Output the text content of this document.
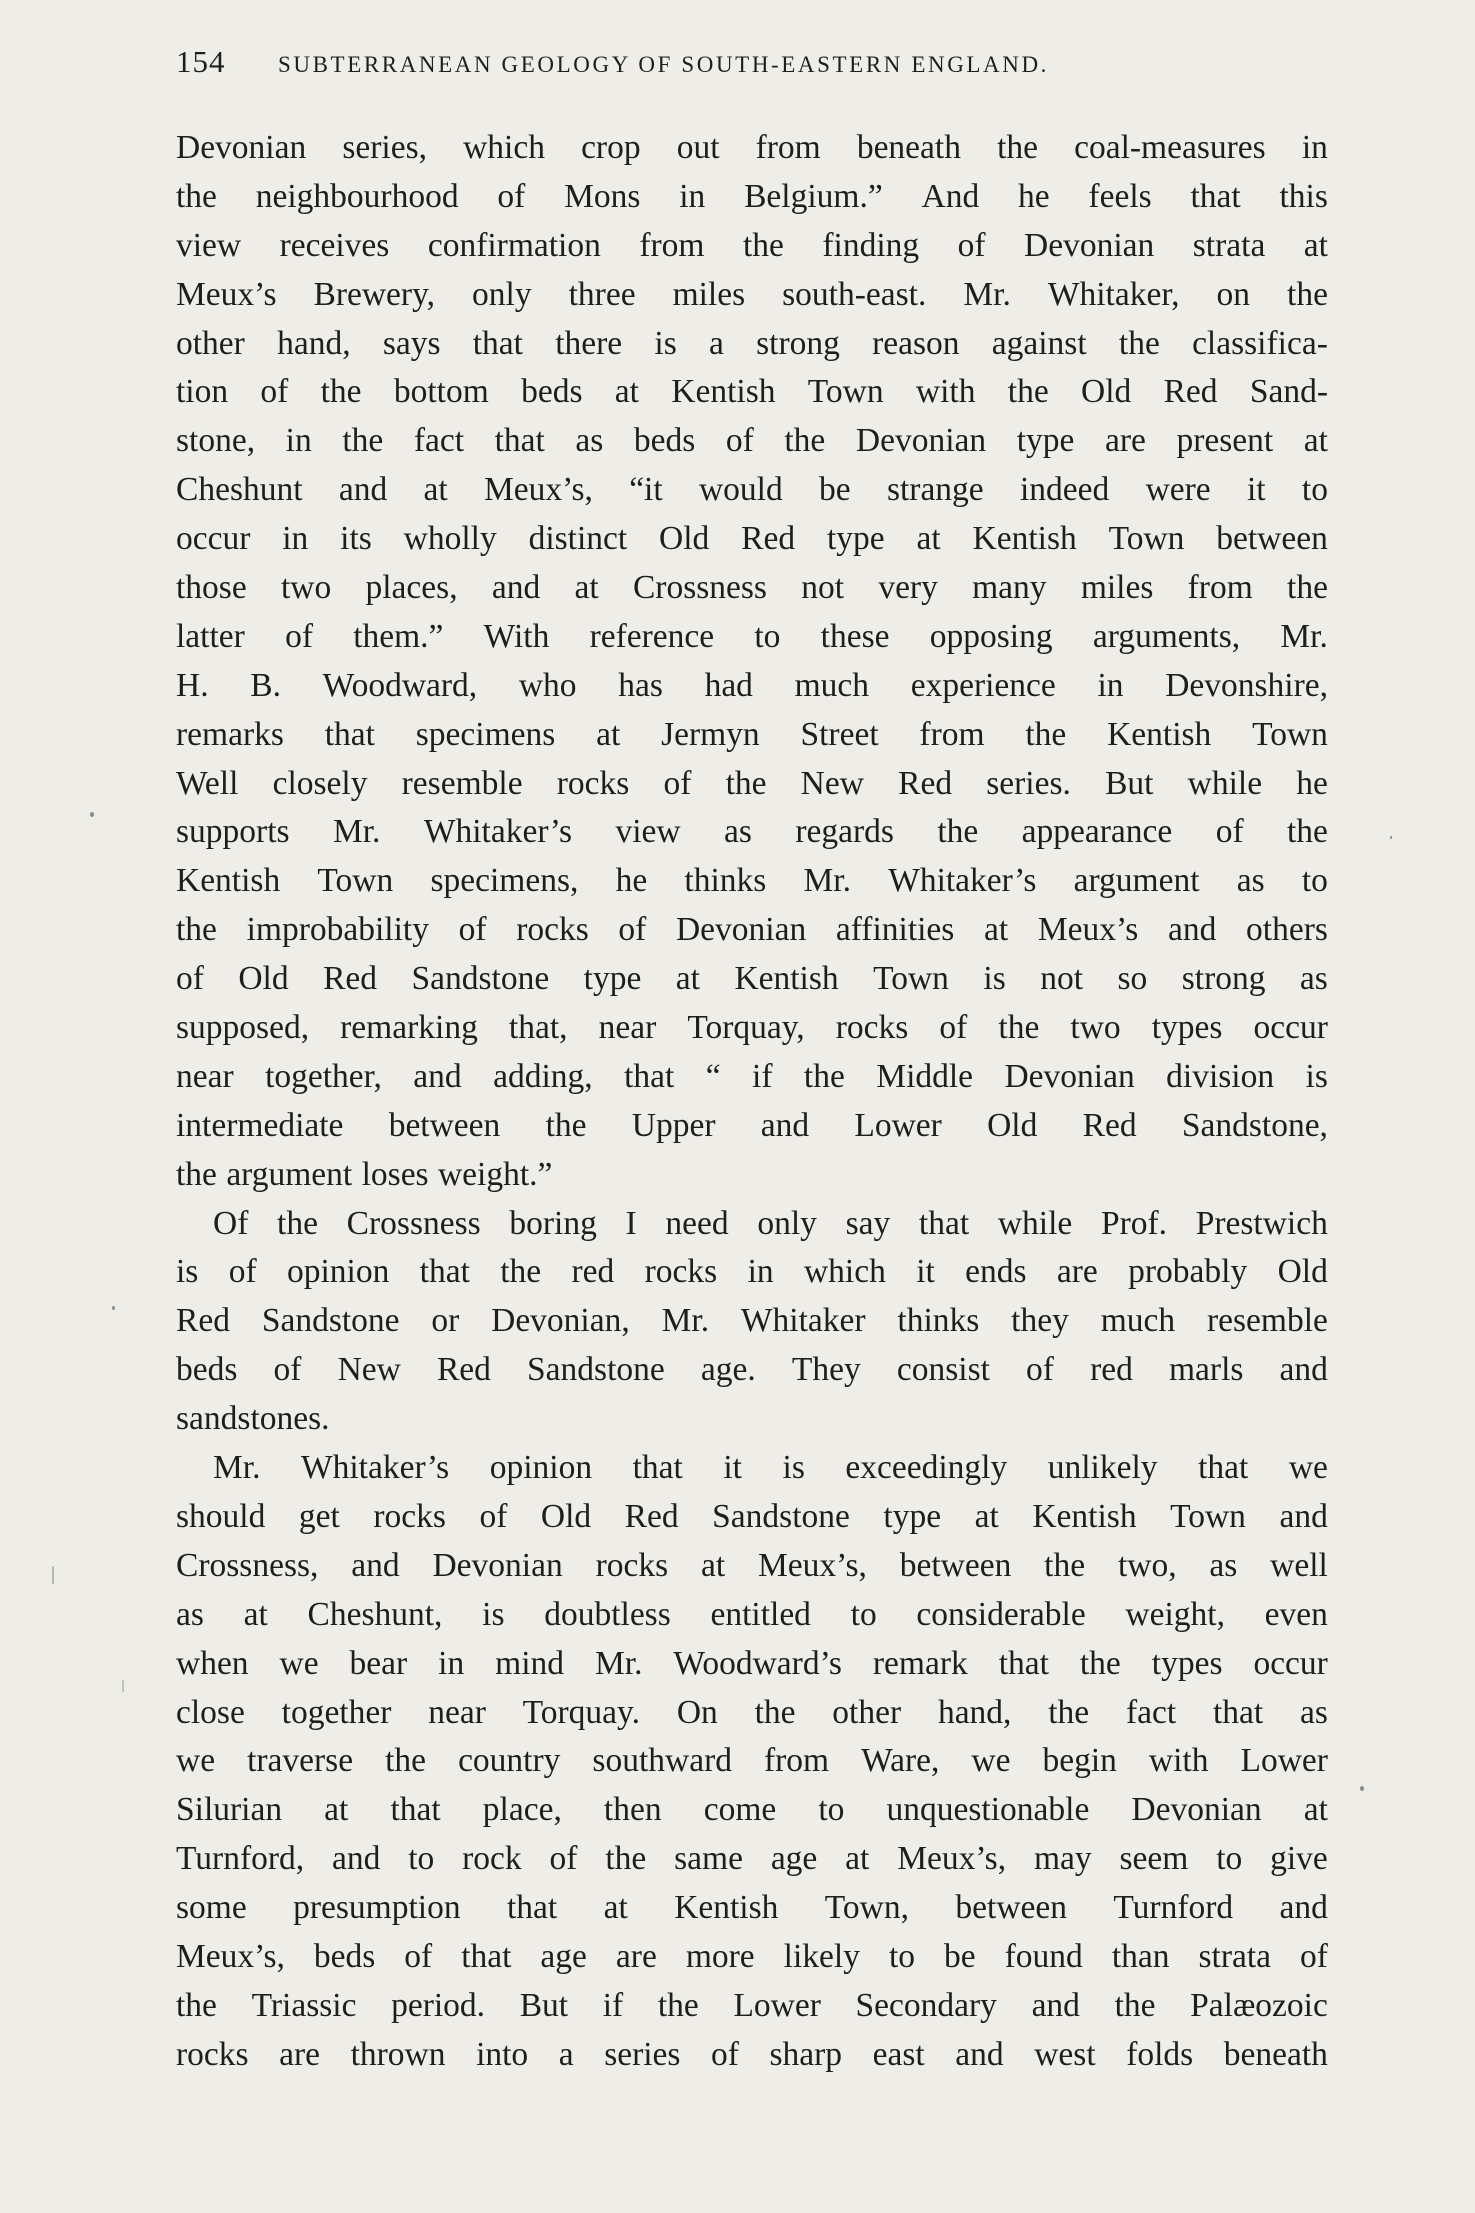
154	SUBTERRANEAN GEOLOGY OF SOUTH-EASTERN ENGLAND.
Devonian series, which crop out from beneath the coal-measures in
the neighbourhood of Mons in Belgium.” And he feels that this
view receives confirmation from the finding of Devonian strata at
Meux’s Brewery, only three miles south-east. Mr. Whitaker, on the
other hand, says that there is a strong reason against the classifica-
tion of the bottom beds at Kentish Town with the Old Red Sand-
stone, in the fact that as beds of the Devonian type are present at
Cheshunt and at Meux’s, “it would be strange indeed were it to
occur in its wholly distinct Old Red type at Kentish Town between
those two places, and at Crossness not very many miles from the
latter of them.” With reference to these opposing arguments, Mr.
H. B. Woodward, who has had much experience in Devonshire,
remarks that specimens at Jermyn Street from the Kentish Town
Well closely resemble rocks of the New Red series. But while he
supports Mr. Whitaker’s view as regards the appearance of the
Kentish Town specimens, he thinks Mr. Whitaker’s argument as to
the improbability of rocks of Devonian affinities at Meux’s and others
of Old Red Sandstone type at Kentish Town is not so strong as
supposed, remarking that, near Torquay, rocks of the two types occur
near together, and adding, that “ if the Middle Devonian division is
intermediate between the Upper and Lower Old Red Sandstone,
the argument loses weight.”
Of the Crossness boring I need only say that while Prof. Prestwich
is of opinion that the red rocks in which it ends are probably Old
Red Sandstone or Devonian, Mr. Whitaker thinks they much resemble
beds of New Red Sandstone age. They consist of red marls and
sandstones.
Mr. Whitaker’s opinion that it is exceedingly unlikely that we
should get rocks of Old Red Sandstone type at Kentish Town and
Crossness, and Devonian rocks at Meux’s, between the two, as well
as at Cheshunt, is doubtless entitled to considerable weight, even
when we bear in mind Mr. Woodward’s remark that the types occur
close together near Torquay. On the other hand, the fact that as
we traverse the country southward from Ware, we begin with Lower
Silurian at that place, then come to unquestionable Devonian at
Turnford, and to rock of the same age at Meux’s, may seem to give
some presumption that at Kentish Town, between Turnford and
Meux’s, beds of that age are more likely to be found than strata of
the Triassic period. But if the Lower Secondary and the Palæozoic
rocks are thrown into a series of sharp east and west folds beneath
